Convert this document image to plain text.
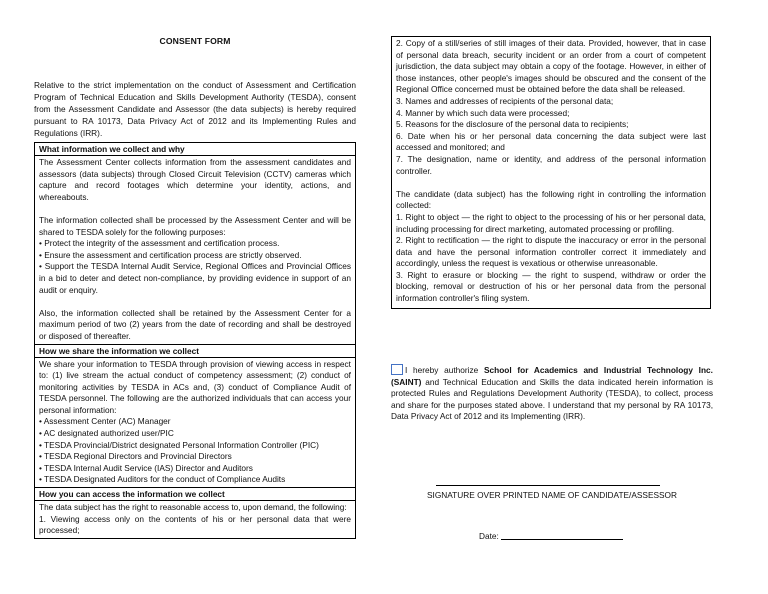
CONSENT FORM

Relative to the strict implementation on the conduct of Assessment and Certification Program of Technical Education and Skills Development Authority (TESDA), consent from the Assessment Candidate and Assessor (the data subjects) is hereby required pursuant to RA 10173, Data Privacy Act of 2012 and its Implementing Rules and Regulations (IRR).

What information we collect and why

The Assessment Center collects information from the assessment candidates and assessors (data subjects) through Closed Circuit Television (CCTV) cameras which capture and record footages which determine your identity, actions, and whereabouts.

The information collected shall be processed by the Assessment Center and will be shared to TESDA solely for the following purposes:

• Protect the integrity of the assessment and certification process.

• Ensure the assessment and certification process are strictly observed.

• Support the TESDA Internal Audit Service, Regional Offices and Provincial Offices in a bid to deter and detect non-compliance, by providing evidence in support of an audit or enquiry.

Also, the information collected shall be retained by the Assessment Center for a maximum period of two (2) years from the date of recording and shall be destroyed or disposed of thereafter.

How we share the information we collect

We share your information to TESDA through provision of viewing access in respect to: (1) live stream the actual conduct of competency assessment; (2) conduct of monitoring activities by TESDA in ACs and, (3) conduct of Compliance Audit of TESDA personnel. The following are the authorized individuals that can access your personal information:

• Assessment Center (AC) Manager

• AC designated authorized user/PIC

• TESDA Provincial/District designated Personal Information Controller (PIC)

• TESDA Regional Directors and Provincial Directors

• TESDA Internal Audit Service (IAS) Director and Auditors

• TESDA Designated Auditors for the conduct of Compliance Audits

How you can access the information we collect

The data subject has the right to reasonable access to, upon demand, the following:

1. Viewing access only on the contents of his or her personal data that were processed;

2. Copy of a still/series of still images of their data. Provided, however, that in case of personal data breach, security incident or an order from a court of competent jurisdiction, the data subject may obtain a copy of the footage. However, in either of those instances, other people's images should be obscured and the consent of the Regional Office concerned must be obtained before the data shall be released.

3. Names and addresses of recipients of the personal data;

4. Manner by which such data were processed;

5. Reasons for the disclosure of the personal data to recipients;

6. Date when his or her personal data concerning the data subject were last accessed and monitored; and

7. The designation, name or identity, and address of the personal information controller.

The candidate (data subject) has the following right in controlling the information collected:

1. Right to object — the right to object to the processing of his or her personal data, including processing for direct marketing, automated processing or profiling.

2. Right to rectification — the right to dispute the inaccuracy or error in the personal data and have the personal information controller correct it immediately and accordingly, unless the request is vexatious or otherwise unreasonable.

3. Right to erasure or blocking — the right to suspend, withdraw or order the blocking, removal or destruction of his or her personal data from the personal information controller's filing system.

I hereby authorize School for Academics and Industrial Technology Inc. (SAINT) and Technical Education and Skills the data indicated herein information is protected Rules and Regulations Development Authority (TESDA), to collect, process and share for the purposes stated above. I understand that my personal by RA 10173, Data Privacy Act of 2012 and its Implementing (IRR).
SIGNATURE OVER PRINTED NAME OF CANDIDATE/ASSESSOR
Date:
